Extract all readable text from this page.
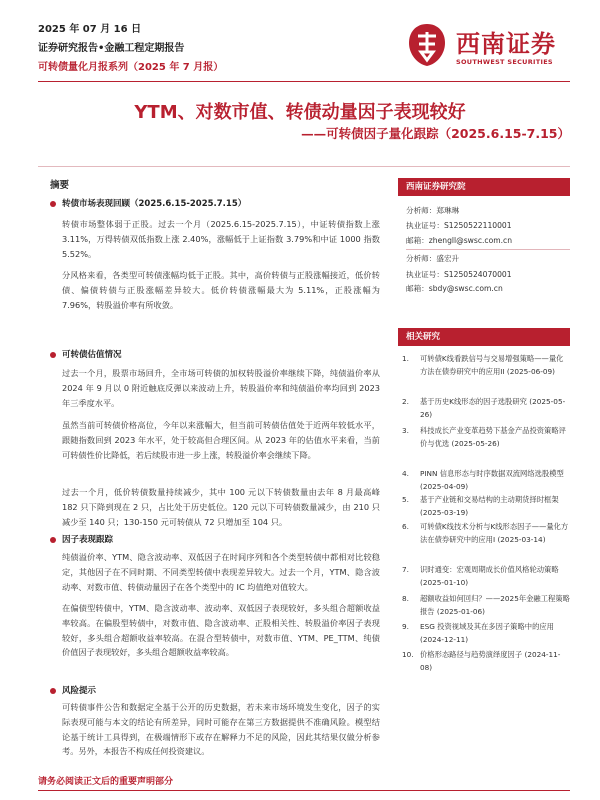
2025 年 07 月 16 日
证券研究报告•金融工程定期报告
可转债量化月报系列（2025 年 7 月报）
西南证券
SOUTHWEST SECURITIES
YTM、对数市值、转债动量因子表现较好
——可转债因子量化跟踪（2025.6.15-7.15）
摘要
转债市场表现回顾（2025.6.15-2025.7.15）
转债市场整体弱于正股。过去一个月（2025.6.15-2025.7.15），中证转债指数上涨 3.11%，万得转债双低指数上涨 2.40%，涨幅低于上证指数 3.79%和中证 1000 指数 5.52%。
分风格来看，各类型可转债涨幅均低于正股。其中，高价转债与正股涨幅接近，低价转债、偏债转债与正股涨幅差异较大。低价转债涨幅最大为 5.11%，正股涨幅为 7.96%，转股溢价率有所收敛。
可转债估值情况
过去一个月，股票市场回升，全市场可转债的加权转股溢价率继续下降，纯债溢价率从 2024 年 9 月以 0 附近触底反弹以来波动上升，转股溢价率和纯债溢价率均回到 2023 年三季度水平。
虽然当前可转债价格高位，今年以来涨幅大，但当前可转债估值处于近两年较低水平，跟随指数回到 2023 年水平，处于较高但合理区间。从 2023 年的估值水平来看，当前可转债性价比降低，若后续股市进一步上涨，转股溢价率会继续下降。
过去一个月，低价转债数量持续减少，其中 100 元以下转债数量由去年 8 月最高峰 182 只下降到现在 2 只，占比处于历史低位。120 元以下可转债数量减少，由 210 只减少至 140 只；130-150 元可转债从 72 只增加至 104 只。
因子表现跟踪
纯债溢价率、YTM、隐含波动率、双低因子在时间序列和各个类型转债中都相对比较稳定，其他因子在不同时期、不同类型转债中表现差异较大。过去一个月，YTM、隐含波动率、对数市值、转债动量因子在各个类型中的 IC 均值绝对值较大。
在偏债型转债中，YTM、隐含波动率、波动率、双低因子表现较好，多头组合超额收益率较高。在偏股型转债中，对数市值、隐含波动率、正股相关性、转股溢价率因子表现较好，多头组合超额收益率较高。在混合型转债中，对数市值、YTM、PE_TTM、纯债价值因子表现较好，多头组合超额收益率较高。
风险提示
可转债事件公告和数据定全基于公开的历史数据，若未来市场环境发生变化，因子的实际表现可能与本文的结论有所差异，同时可能存在第三方数据提供不准确风险。模型结论基于统计工具得到，在极端情形下或存在解释力不足的风险，因此其结果仅做分析参考。另外，本报告不构成任何投资建议。
西南证券研究院
分析师：郑琳琳
执业证号：S1250522110001
邮箱：zhengll@swsc.com.cn
分析师：盛宏升
执业证号：S1250524070001
邮箱：sbdy@swsc.com.cn
相关研究
1. 可转债K线看跌信号与交易增强策略——量化方法在债券研究中的应用II (2025-06-09)
2. 基于历史K线形态的因子选股研究 (2025-05-26)
3. 科技成长产业变革趋势下基金产品投资策略评价与优选 (2025-05-26)
4. PINN 信息形态与时序数据双流网络选股模型 (2025-04-09)
5. 基于产业链和交易结构的主动期货择时框架 (2025-03-19)
6. 可转债K线技术分析与K线形态因子——量化方法在债券研究中的应用I (2025-03-14)
7. 识时通变：宏观周期成长价值风格轮动策略 (2025-01-10)
8. 超额收益如何回归？——2025年金融工程策略报告 (2025-01-06)
9. ESG 投资视域及其在多因子策略中的应用 (2024-12-11)
10. 价格形态路径与趋势演绎度因子 (2024-11-08)
请务必阅读正文后的重要声明部分
